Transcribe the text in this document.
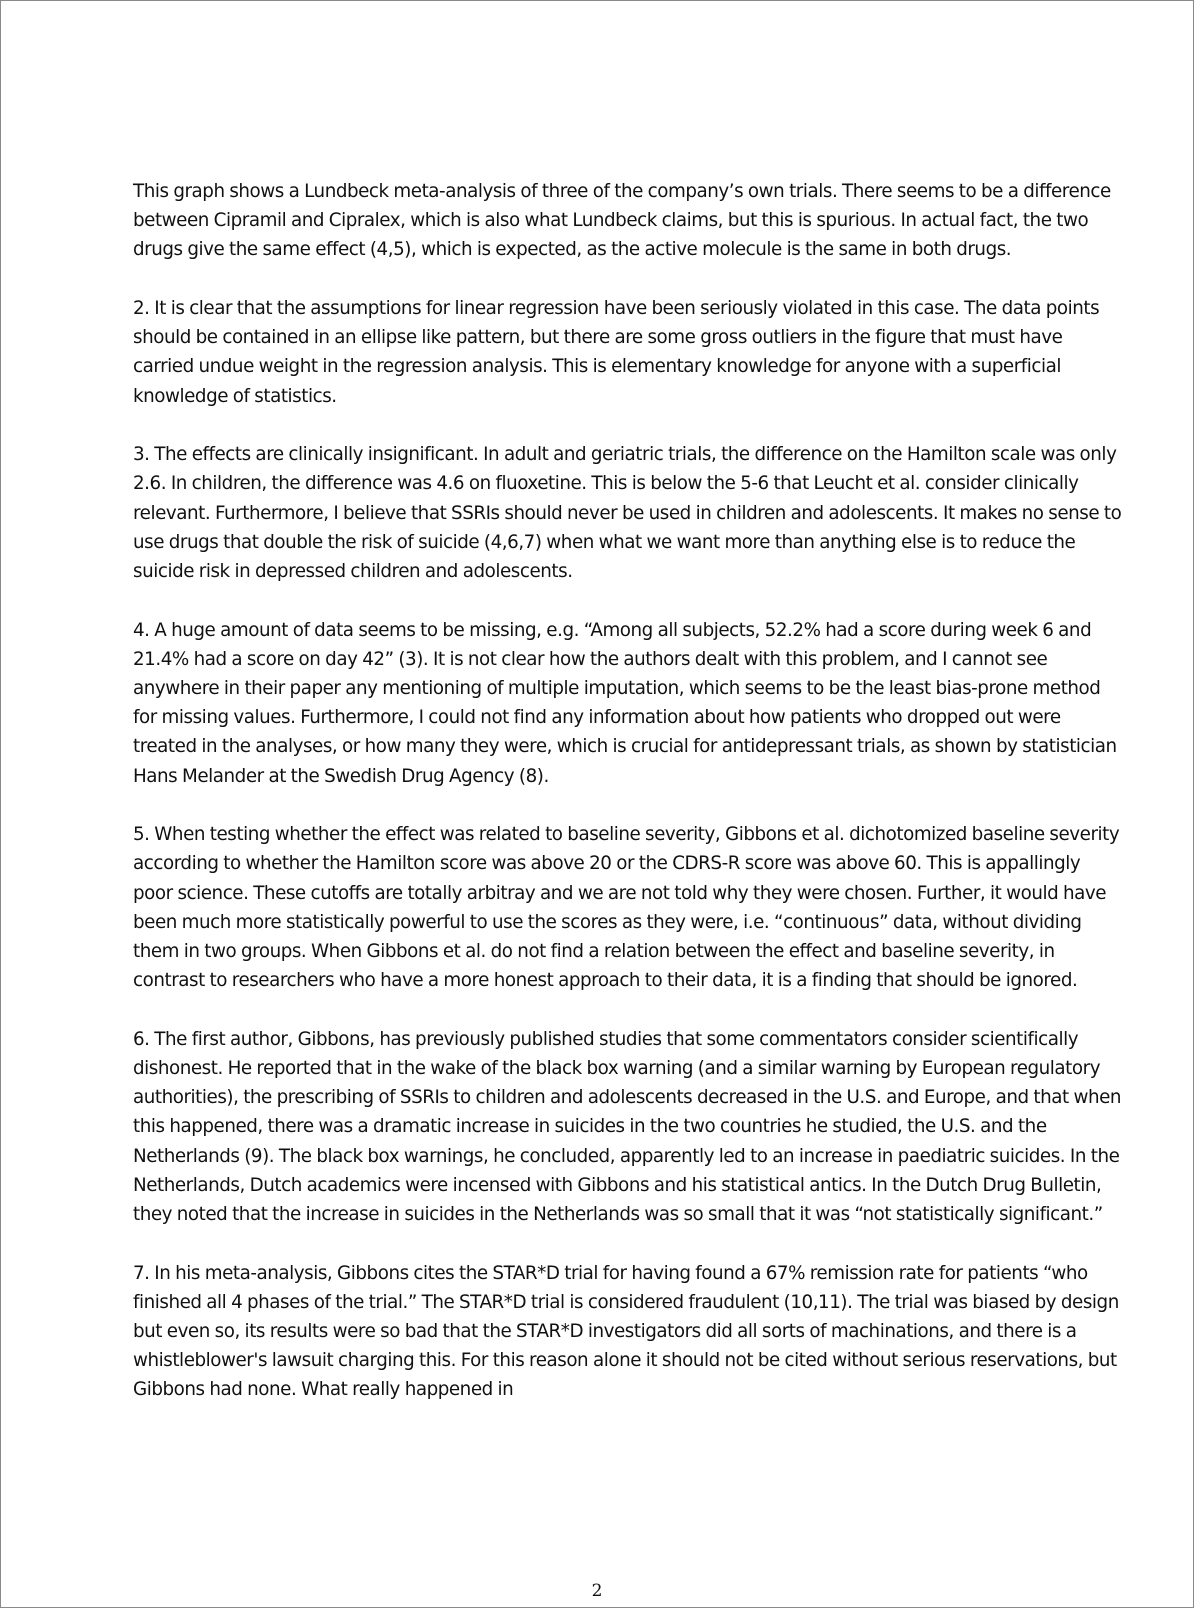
This graph shows a Lundbeck meta-analysis of three of the company’s own trials. There seems to be a difference between Cipramil and Cipralex, which is also what Lundbeck claims, but this is spurious. In actual fact, the two drugs give the same effect (4,5), which is expected, as the active molecule is the same in both drugs.

2. It is clear that the assumptions for linear regression have been seriously violated in this case. The data points should be contained in an ellipse like pattern, but there are some gross outliers in the figure that must have carried undue weight in the regression analysis. This is elementary knowledge for anyone with a superficial knowledge of statistics.

3. The effects are clinically insignificant. In adult and geriatric trials, the difference on the Hamilton scale was only 2.6. In children, the difference was 4.6 on fluoxetine. This is below the 5-6 that Leucht et al. consider clinically relevant. Furthermore, I believe that SSRIs should never be used in children and adolescents. It makes no sense to use drugs that double the risk of suicide (4,6,7) when what we want more than anything else is to reduce the suicide risk in depressed children and adolescents.

4. A huge amount of data seems to be missing, e.g. “Among all subjects, 52.2% had a score during week 6 and 21.4% had a score on day 42” (3). It is not clear how the authors dealt with this problem, and I cannot see anywhere in their paper any mentioning of multiple imputation, which seems to be the least bias-prone method for missing values. Furthermore, I could not find any information about how patients who dropped out were treated in the analyses, or how many they were, which is crucial for antidepressant trials, as shown by statistician Hans Melander at the Swedish Drug Agency (8).

5. When testing whether the effect was related to baseline severity, Gibbons et al. dichotomized baseline severity according to whether the Hamilton score was above 20 or the CDRS-R score was above 60. This is appallingly poor science. These cutoffs are totally arbitray and we are not told why they were chosen. Further, it would have been much more statistically powerful to use the scores as they were, i.e. “continuous” data, without dividing them in two groups. When Gibbons et al. do not find a relation between the effect and baseline severity, in contrast to researchers who have a more honest approach to their data, it is a finding that should be ignored.

6. The first author, Gibbons, has previously published studies that some commentators consider scientifically dishonest. He reported that in the wake of the black box warning (and a similar warning by European regulatory authorities), the prescribing of SSRIs to children and adolescents decreased in the U.S. and Europe, and that when this happened, there was a dramatic increase in suicides in the two countries he studied, the U.S. and the Netherlands (9). The black box warnings, he concluded, apparently led to an increase in paediatric suicides. In the Netherlands, Dutch academics were incensed with Gibbons and his statistical antics. In the Dutch Drug Bulletin, they noted that the increase in suicides in the Netherlands was so small that it was “not statistically significant.”

7. In his meta-analysis, Gibbons cites the STAR*D trial for having found a 67% remission rate for patients “who finished all 4 phases of the trial.” The STAR*D trial is considered fraudulent (10,11). The trial was biased by design but even so, its results were so bad that the STAR*D investigators did all sorts of machinations, and there is a whistleblower's lawsuit charging this. For this reason alone it should not be cited without serious reservations, but Gibbons had none. What really happened in

2
